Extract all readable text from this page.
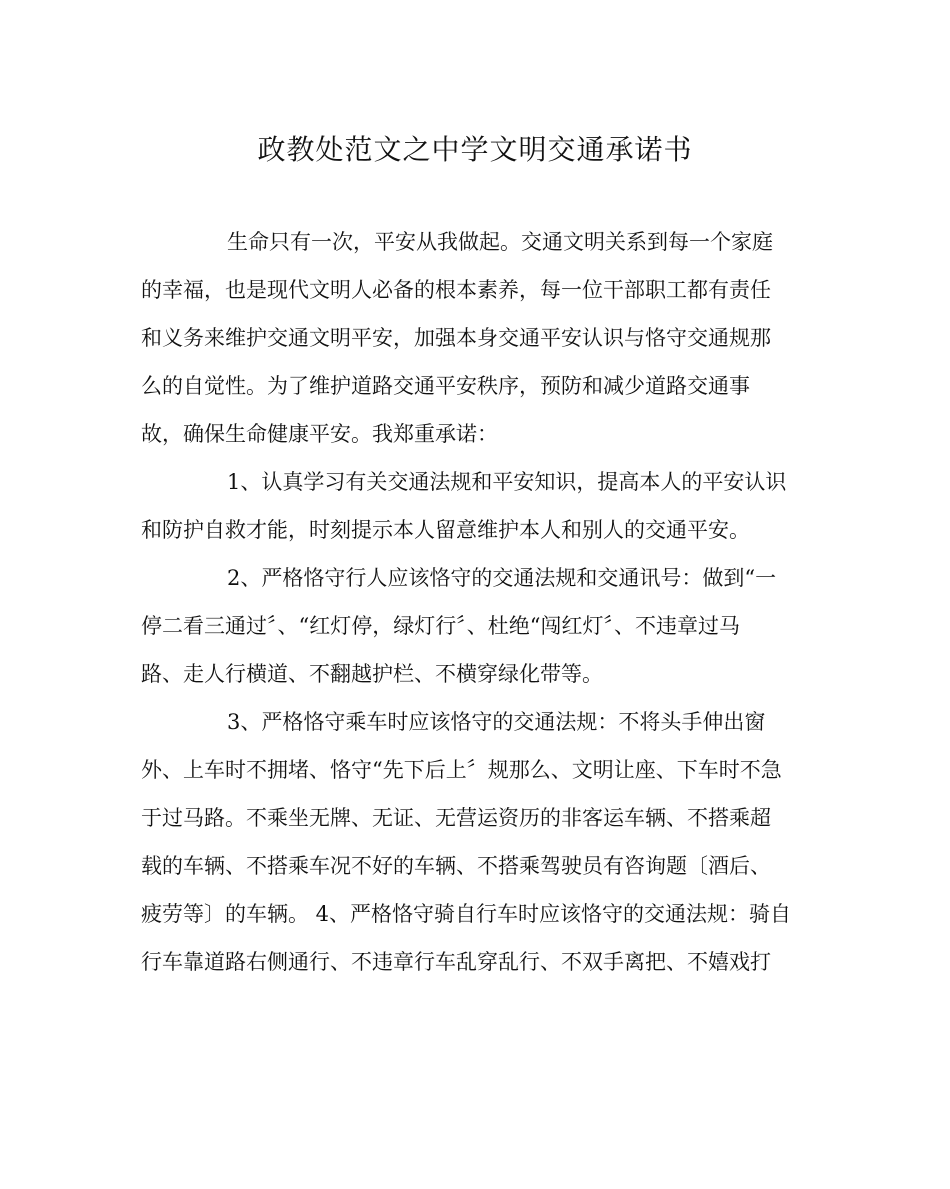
政教处范文之中学文明交通承诺书
生命只有一次，平安从我做起。交通文明关系到每一个家庭
的幸福，也是现代文明人必备的根本素养，每一位干部职工都有责任
和义务来维护交通文明平安，加强本身交通平安认识与恪守交通规那
么的自觉性。为了维护道路交通平安秩序，预防和减少道路交通事
故，确保生命健康平安。我郑重承诺：
1、认真学习有关交通法规和平安知识，提高本人的平安认识
和防护自救才能，时刻提示本人留意维护本人和别人的交通平安。
2、严格恪守行人应该恪守的交通法规和交通讯号：做到“一
停二看三通过〞、“红灯停，绿灯行〞、杜绝“闯红灯〞、不违章过马
路、走人行横道、不翻越护栏、不横穿绿化带等。
3、严格恪守乘车时应该恪守的交通法规：不将头手伸出窗
外、上车时不拥堵、恪守“先下后上〞规那么、文明让座、下车时不急
于过马路。不乘坐无牌、无证、无营运资历的非客运车辆、不搭乘超
载的车辆、不搭乘车况不好的车辆、不搭乘驾驶员有咨询题〔酒后、
疲劳等〕的车辆。 4、严格恪守骑自行车时应该恪守的交通法规：骑自
行车靠道路右侧通行、不违章行车乱穿乱行、不双手离把、不嬉戏打
